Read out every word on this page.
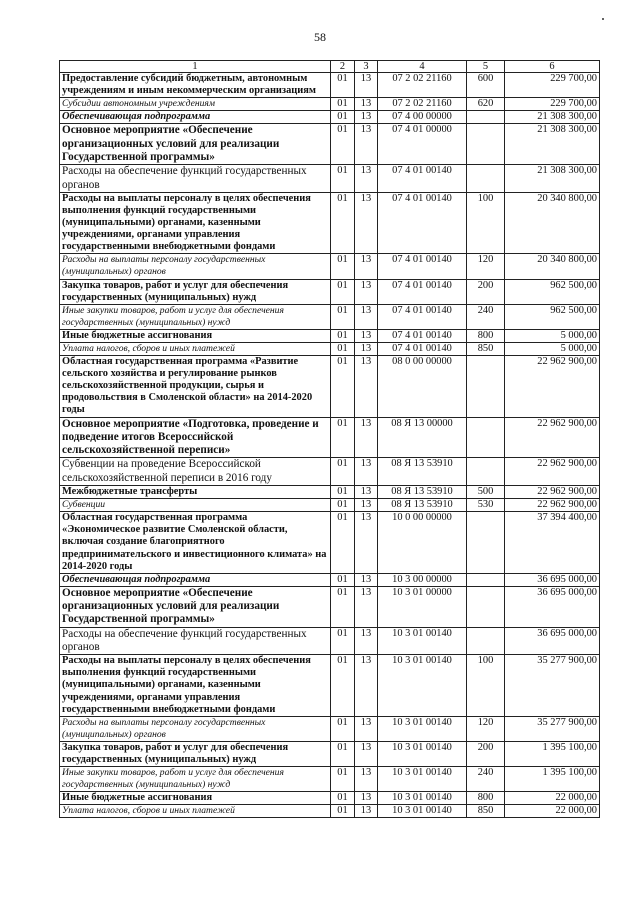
58
1	2	3	4	5	6
Предоставление субсидий бюджетным, автономным учреждениям и иным некоммерческим организациям	01	13	07 2 02 21160	600	229 700,00
Субсидии автономным учреждениям	01	13	07 2 02 21160	620	229 700,00
Обеспечивающая подпрограмма	01	13	07 4 00 00000		21 308 300,00
Основное мероприятие «Обеспечение организационных условий для реализации Государственной программы»	01	13	07 4 01 00000		21 308 300,00
Расходы на обеспечение функций государственных органов	01	13	07 4 01 00140		21 308 300,00
Расходы на выплаты персоналу в целях обеспечения выполнения функций государственными (муниципальными) органами, казенными учреждениями, органами управления государственными внебюджетными фондами	01	13	07 4 01 00140	100	20 340 800,00
Расходы на выплаты персоналу государственных (муниципальных) органов	01	13	07 4 01 00140	120	20 340 800,00
Закупка товаров, работ и услуг для обеспечения государственных (муниципальных) нужд	01	13	07 4 01 00140	200	962 500,00
Иные закупки товаров, работ и услуг для обеспечения государственных (муниципальных) нужд	01	13	07 4 01 00140	240	962 500,00
Иные бюджетные ассигнования	01	13	07 4 01 00140	800	5 000,00
Уплата налогов, сборов и иных платежей	01	13	07 4 01 00140	850	5 000,00
Областная государственная программа «Развитие сельского хозяйства и регулирование рынков сельскохозяйственной продукции, сырья и продовольствия в Смоленской области» на 2014-2020 годы	01	13	08 0 00 00000		22 962 900,00
Основное мероприятие «Подготовка, проведение и подведение итогов Всероссийской сельскохозяйственной переписи»	01	13	08 Я 13 00000		22 962 900,00
Субвенции на проведение Всероссийской сельскохозяйственной переписи в 2016 году	01	13	08 Я 13 53910		22 962 900,00
Межбюджетные трансферты	01	13	08 Я 13 53910	500	22 962 900,00
Субвенции	01	13	08 Я 13 53910	530	22 962 900,00
Областная государственная программа «Экономическое развитие Смоленской области, включая создание благоприятного предпринимательского и инвестиционного климата» на 2014-2020 годы	01	13	10 0 00 00000		37 394 400,00
Обеспечивающая подпрограмма	01	13	10 3 00 00000		36 695 000,00
Основное мероприятие «Обеспечение организационных условий для реализации Государственной программы»	01	13	10 3 01 00000		36 695 000,00
Расходы на обеспечение функций государственных органов	01	13	10 3 01 00140		36 695 000,00
Расходы на выплаты персоналу в целях обеспечения выполнения функций государственными (муниципальными) органами, казенными учреждениями, органами управления государственными внебюджетными фондами	01	13	10 3 01 00140	100	35 277 900,00
Расходы на выплаты персоналу государственных (муниципальных) органов	01	13	10 3 01 00140	120	35 277 900,00
Закупка товаров, работ и услуг для обеспечения государственных (муниципальных) нужд	01	13	10 3 01 00140	200	1 395 100,00
Иные закупки товаров, работ и услуг для обеспечения государственных (муниципальных) нужд	01	13	10 3 01 00140	240	1 395 100,00
Иные бюджетные ассигнования	01	13	10 3 01 00140	800	22 000,00
Уплата налогов, сборов и иных платежей	01	13	10 3 01 00140	850	22 000,00
